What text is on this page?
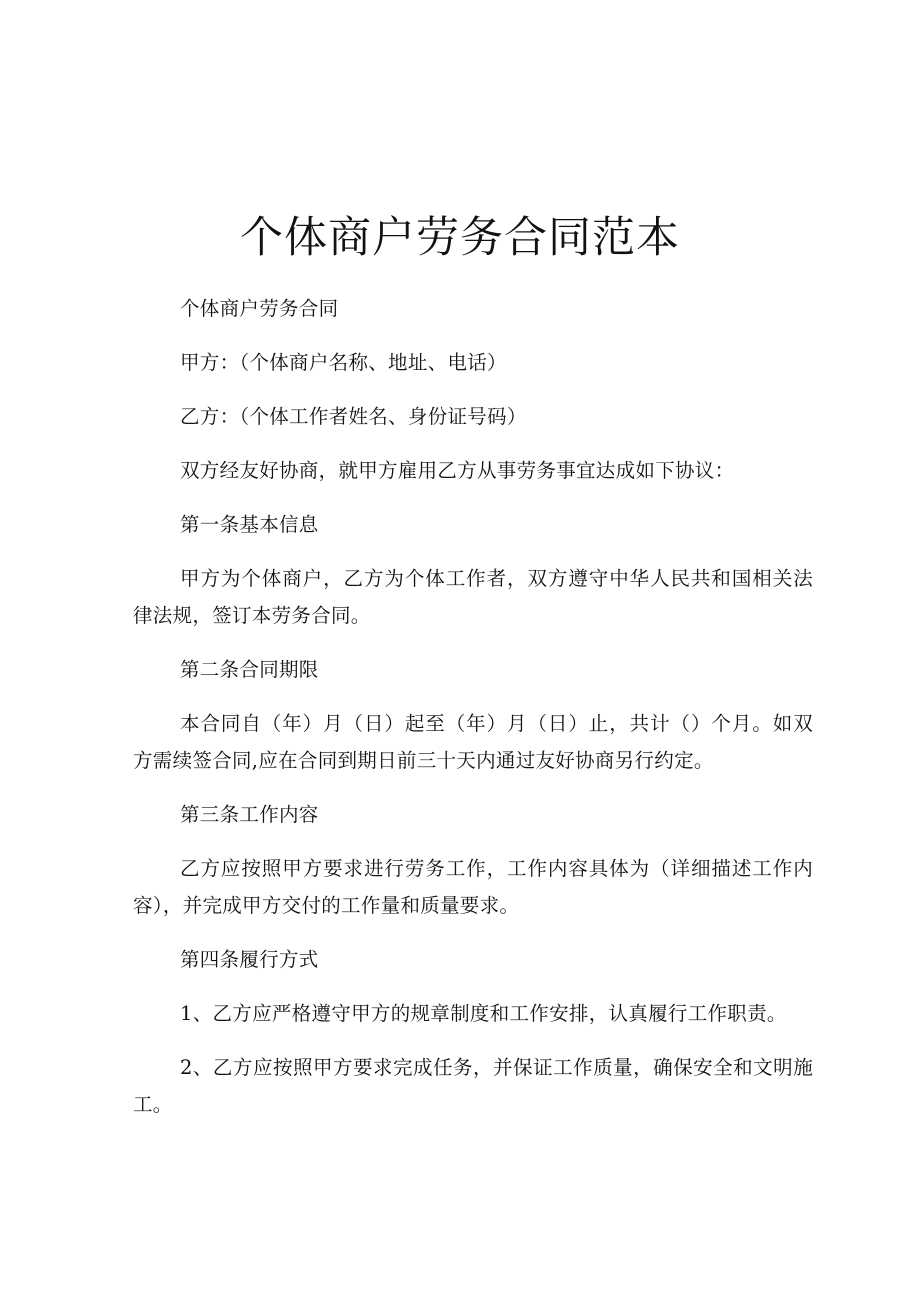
个体商户劳务合同范本

个体商户劳务合同

甲方：（个体商户名称、地址、电话）

乙方：（个体工作者姓名、身份证号码）

双方经友好协商，就甲方雇用乙方从事劳务事宜达成如下协议：

第一条基本信息

甲方为个体商户，乙方为个体工作者，双方遵守中华人民共和国相关法律法规，签订本劳务合同。

第二条合同期限

本合同自（年）月（日）起至（年）月（日）止，共计（）个月。如双方需续签合同,应在合同到期日前三十天内通过友好协商另行约定。

第三条工作内容

乙方应按照甲方要求进行劳务工作，工作内容具体为（详细描述工作内容），并完成甲方交付的工作量和质量要求。

第四条履行方式

1、乙方应严格遵守甲方的规章制度和工作安排，认真履行工作职责。

2、乙方应按照甲方要求完成任务，并保证工作质量，确保安全和文明施工。
